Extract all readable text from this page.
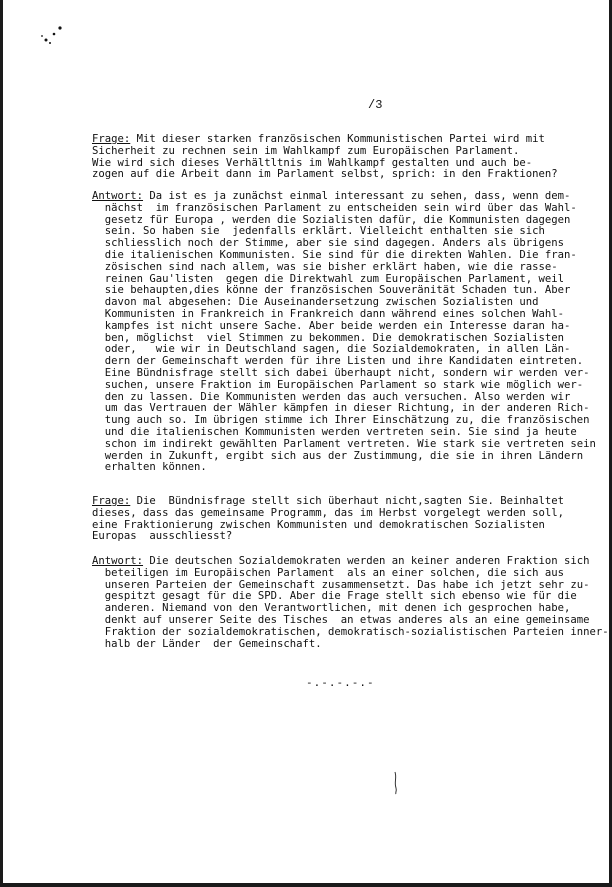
/3
Frage: Mit dieser starken französischen Kommunistischen Partei wird mit
Sicherheit zu rechnen sein im Wahlkampf zum Europäischen Parlament.
Wie wird sich dieses Verhältltnis im Wahlkampf gestalten und auch be-
zogen auf die Arbeit dann im Parlament selbst, sprich: in den Fraktionen?
Antwort: Da ist es ja zunächst einmal interessant zu sehen, dass, wenn dem-
nächst  im französischen Parlament zu entscheiden sein wird über das Wahl-
gesetz für Europa , werden die Sozialisten dafür, die Kommunisten dagegen
sein. So haben sie  jedenfalls erklärt. Vielleicht enthalten sie sich
schliesslich noch der Stimme, aber sie sind dagegen. Anders als übrigens
die italienischen Kommunisten. Sie sind für die direkten Wahlen. Die fran-
zösischen sind nach allem, was sie bisher erklärt haben, wie die rasse-
reinen Gau'listen  gegen die Direktwahl zum Europäischen Parlament, weil
sie behaupten,dies könne der französischen Souveränität Schaden tun. Aber
davon mal abgesehen: Die Auseinandersetzung zwischen Sozialisten und
Kommunisten in Frankreich in Frankreich dann während eines solchen Wahl-
kampfes ist nicht unsere Sache. Aber beide werden ein Interesse daran ha-
ben, möglichst  viel Stimmen zu bekommen. Die demokratischen Sozialisten
oder,   wie wir in Deutschland sagen, die Sozialdemokraten, in allen Län-
dern der Gemeinschaft werden für ihre Listen und ihre Kandidaten eintreten.
Eine Bündnisfrage stellt sich dabei überhaupt nicht, sondern wir werden ver-
suchen, unsere Fraktion im Europäischen Parlament so stark wie möglich wer-
den zu lassen. Die Kommunisten werden das auch versuchen. Also werden wir
um das Vertrauen der Wähler kämpfen in dieser Richtung, in der anderen Rich-
tung auch so. Im übrigen stimme ich Ihrer Einschätzung zu, die französischen
und die italienischen Kommunisten werden vertreten sein. Sie sind ja heute
schon im indirekt gewählten Parlament vertreten. Wie stark sie vertreten sein
werden in Zukunft, ergibt sich aus der Zustimmung, die sie in ihren Ländern
erhalten können.
Frage: Die  Bündnisfrage stellt sich überhaut nicht,sagten Sie. Beinhaltet
dieses, dass das gemeinsame Programm, das im Herbst vorgelegt werden soll,
eine Fraktionierung zwischen Kommunisten und demokratischen Sozialisten
Europas  ausschliesst?
Antwort: Die deutschen Sozialdemokraten werden an keiner anderen Fraktion sich
beteiligen im Europäischen Parlament  als an einer solchen, die sich aus
unseren Parteien der Gemeinschaft zusammensetzt. Das habe ich jetzt sehr zu-
gespitzt gesagt für die SPD. Aber die Frage stellt sich ebenso wie für die
anderen. Niemand von den Verantwortlichen, mit denen ich gesprochen habe,
denkt auf unserer Seite des Tisches  an etwas anderes als an eine gemeinsame
Fraktion der sozialdemokratischen, demokratisch-sozialistischen Parteien inner-
halb der Länder  der Gemeinschaft.
-.-.-.-.-
